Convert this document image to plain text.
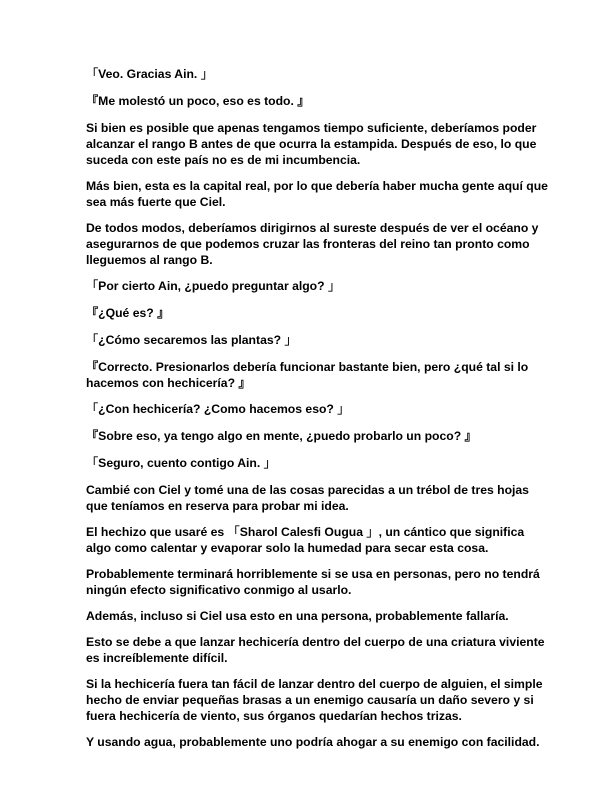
「Veo. Gracias Ain. 」

『Me molestó un poco, eso es todo. 』

Si bien es posible que apenas tengamos tiempo suficiente, deberíamos poder alcanzar el rango B antes de que ocurra la estampida. Después de eso, lo que suceda con este país no es de mi incumbencia.

Más bien, esta es la capital real, por lo que debería haber mucha gente aquí que sea más fuerte que Ciel.

De todos modos, deberíamos dirigirnos al sureste después de ver el océano y asegurarnos de que podemos cruzar las fronteras del reino tan pronto como lleguemos al rango B.

「Por cierto Ain, ¿puedo preguntar algo? 」

『¿Qué es? 』

「¿Cómo secaremos las plantas? 」

『Correcto. Presionarlos debería funcionar bastante bien, pero ¿qué tal si lo hacemos con hechicería? 』

「¿Con hechicería? ¿Como hacemos eso? 」

『Sobre eso, ya tengo algo en mente, ¿puedo probarlo un poco? 』

「Seguro, cuento contigo Ain. 」

Cambié con Ciel y tomé una de las cosas parecidas a un trébol de tres hojas que teníamos en reserva para probar mi idea.

El hechizo que usaré es 「Sharol Calesfi Ougua 」, un cántico que significa algo como calentar y evaporar solo la humedad para secar esta cosa.

Probablemente terminará horriblemente si se usa en personas, pero no tendrá ningún efecto significativo conmigo al usarlo.

Además, incluso si Ciel usa esto en una persona, probablemente fallaría.

Esto se debe a que lanzar hechicería dentro del cuerpo de una criatura viviente es increíblemente difícil.

Si la hechicería fuera tan fácil de lanzar dentro del cuerpo de alguien, el simple hecho de enviar pequeñas brasas a un enemigo causaría un daño severo y si fuera hechicería de viento, sus órganos quedarían hechos trizas.

Y usando agua, probablemente uno podría ahogar a su enemigo con facilidad.
